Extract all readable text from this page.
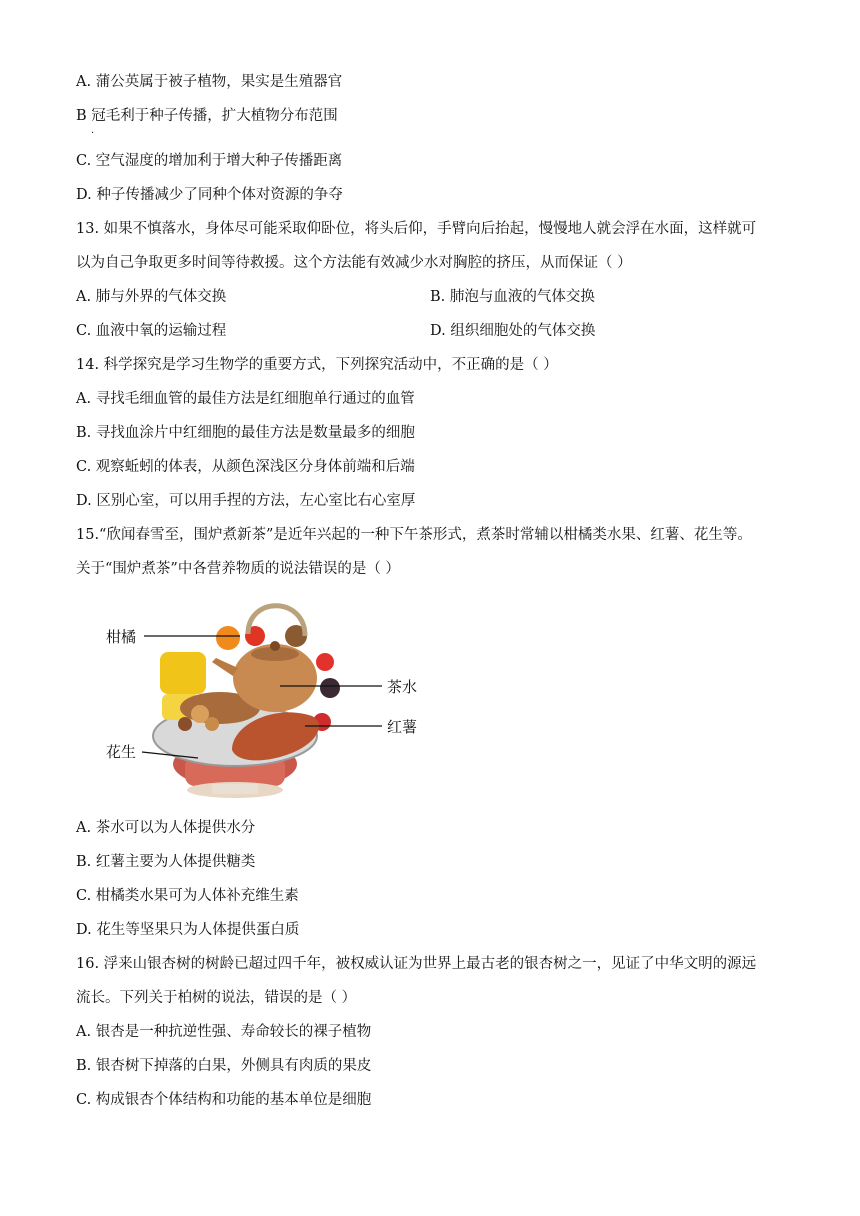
A. 蒲公英属于被子植物，果实是生殖器官
B 冠毛利于种子传播，扩大植物分布范围
·
C. 空气湿度的增加利于增大种子传播距离
D. 种子传播减少了同种个体对资源的争夺
13. 如果不慎落水，身体尽可能采取仰卧位，将头后仰，手臂向后抬起，慢慢地人就会浮在水面，这样就可
以为自己争取更多时间等待救援。这个方法能有效减少水对胸腔的挤压，从而保证（ ）
A. 肺与外界的气体交换	B. 肺泡与血液的气体交换
C. 血液中氧的运输过程	D. 组织细胞处的气体交换
14. 科学探究是学习生物学的重要方式，下列探究活动中，不正确的是（ ）
A. 寻找毛细血管的最佳方法是红细胞单行通过的血管
B. 寻找血涂片中红细胞的最佳方法是数量最多的细胞
C. 观察蚯蚓的体表，从颜色深浅区分身体前端和后端
D. 区别心室，可以用手捏的方法，左心室比右心室厚
15.“欣闻春雪至，围炉煮新茶”是近年兴起的一种下午茶形式，煮茶时常辅以柑橘类水果、红薯、花生等。
关于“围炉煮茶”中各营养物质的说法错误的是（ ）
柑橘
茶水
红薯
花生
A. 茶水可以为人体提供水分
B. 红薯主要为人体提供糖类
C. 柑橘类水果可为人体补充维生素
D. 花生等坚果只为人体提供蛋白质
16. 浮来山银杏树的树龄已超过四千年，被权威认证为世界上最古老的银杏树之一，见证了中华文明的源远
流长。下列关于柏树的说法，错误的是（ ）
A. 银杏是一种抗逆性强、寿命较长的裸子植物
B. 银杏树下掉落的白果，外侧具有肉质的果皮
C. 构成银杏个体结构和功能的基本单位是细胞
